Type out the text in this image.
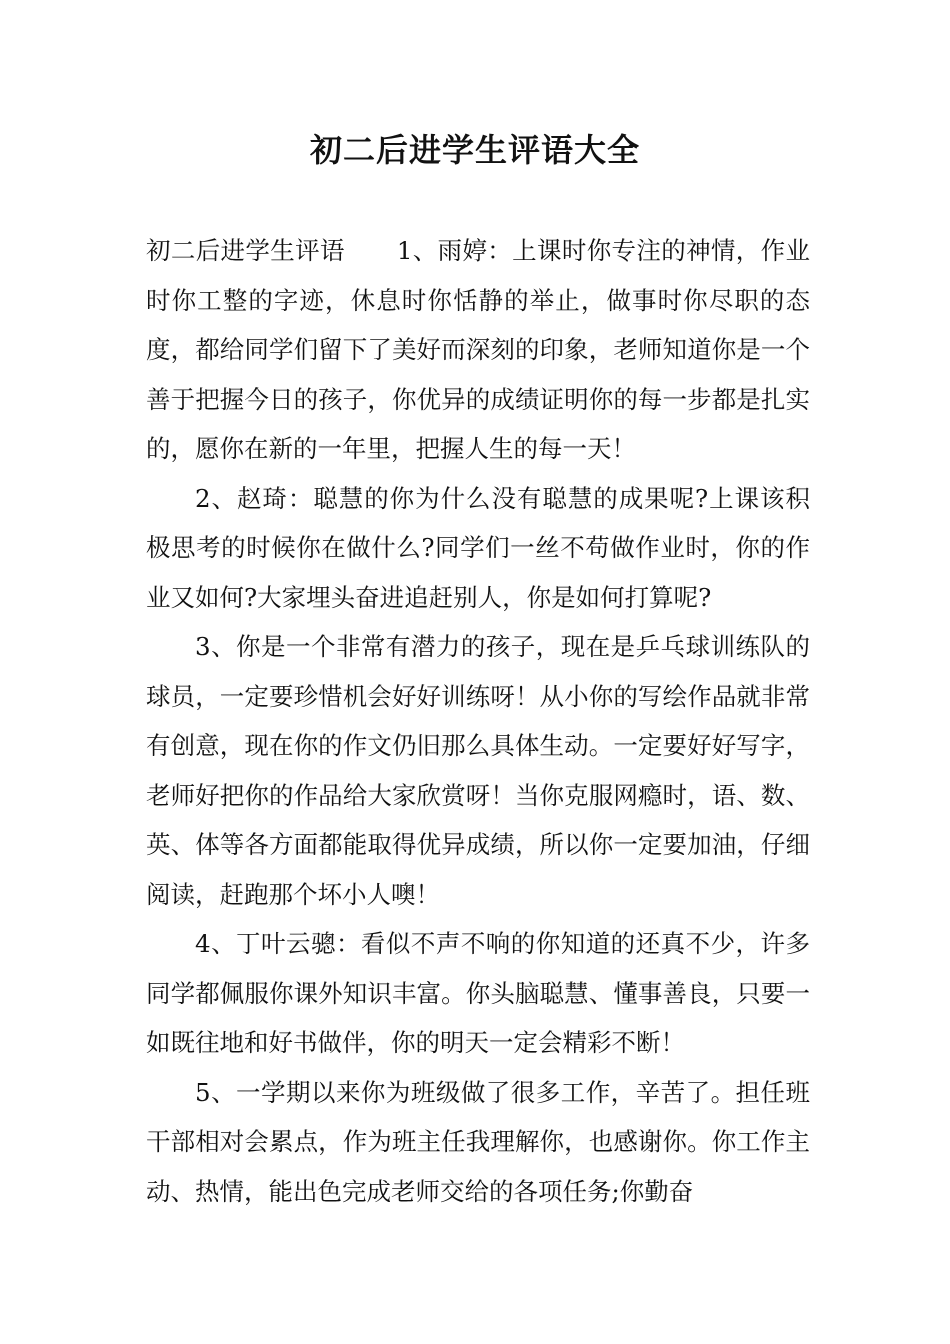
初二后进学生评语大全

初二后进学生评语 1、雨婷：上课时你专注的神情，作业时你工整的字迹，休息时你恬静的举止，做事时你尽职的态度，都给同学们留下了美好而深刻的印象，老师知道你是一个善于把握今日的孩子，你优异的成绩证明你的每一步都是扎实的，愿你在新的一年里，把握人生的每一天！

2、赵琦：聪慧的你为什么没有聪慧的成果呢?上课该积极思考的时候你在做什么?同学们一丝不苟做作业时，你的作业又如何?大家埋头奋进追赶别人，你是如何打算呢?

3、你是一个非常有潜力的孩子，现在是乒乓球训练队的球员，一定要珍惜机会好好训练呀！从小你的写绘作品就非常有创意，现在你的作文仍旧那么具体生动。一定要好好写字，老师好把你的作品给大家欣赏呀！当你克服网瘾时，语、数、英、体等各方面都能取得优异成绩，所以你一定要加油，仔细阅读，赶跑那个坏小人噢！

4、丁叶云骢：看似不声不响的你知道的还真不少，许多同学都佩服你课外知识丰富。你头脑聪慧、懂事善良，只要一如既往地和好书做伴，你的明天一定会精彩不断！

5、一学期以来你为班级做了很多工作，辛苦了。担任班干部相对会累点，作为班主任我理解你，也感谢你。你工作主动、热情，能出色完成老师交给的各项任务;你勤奋
